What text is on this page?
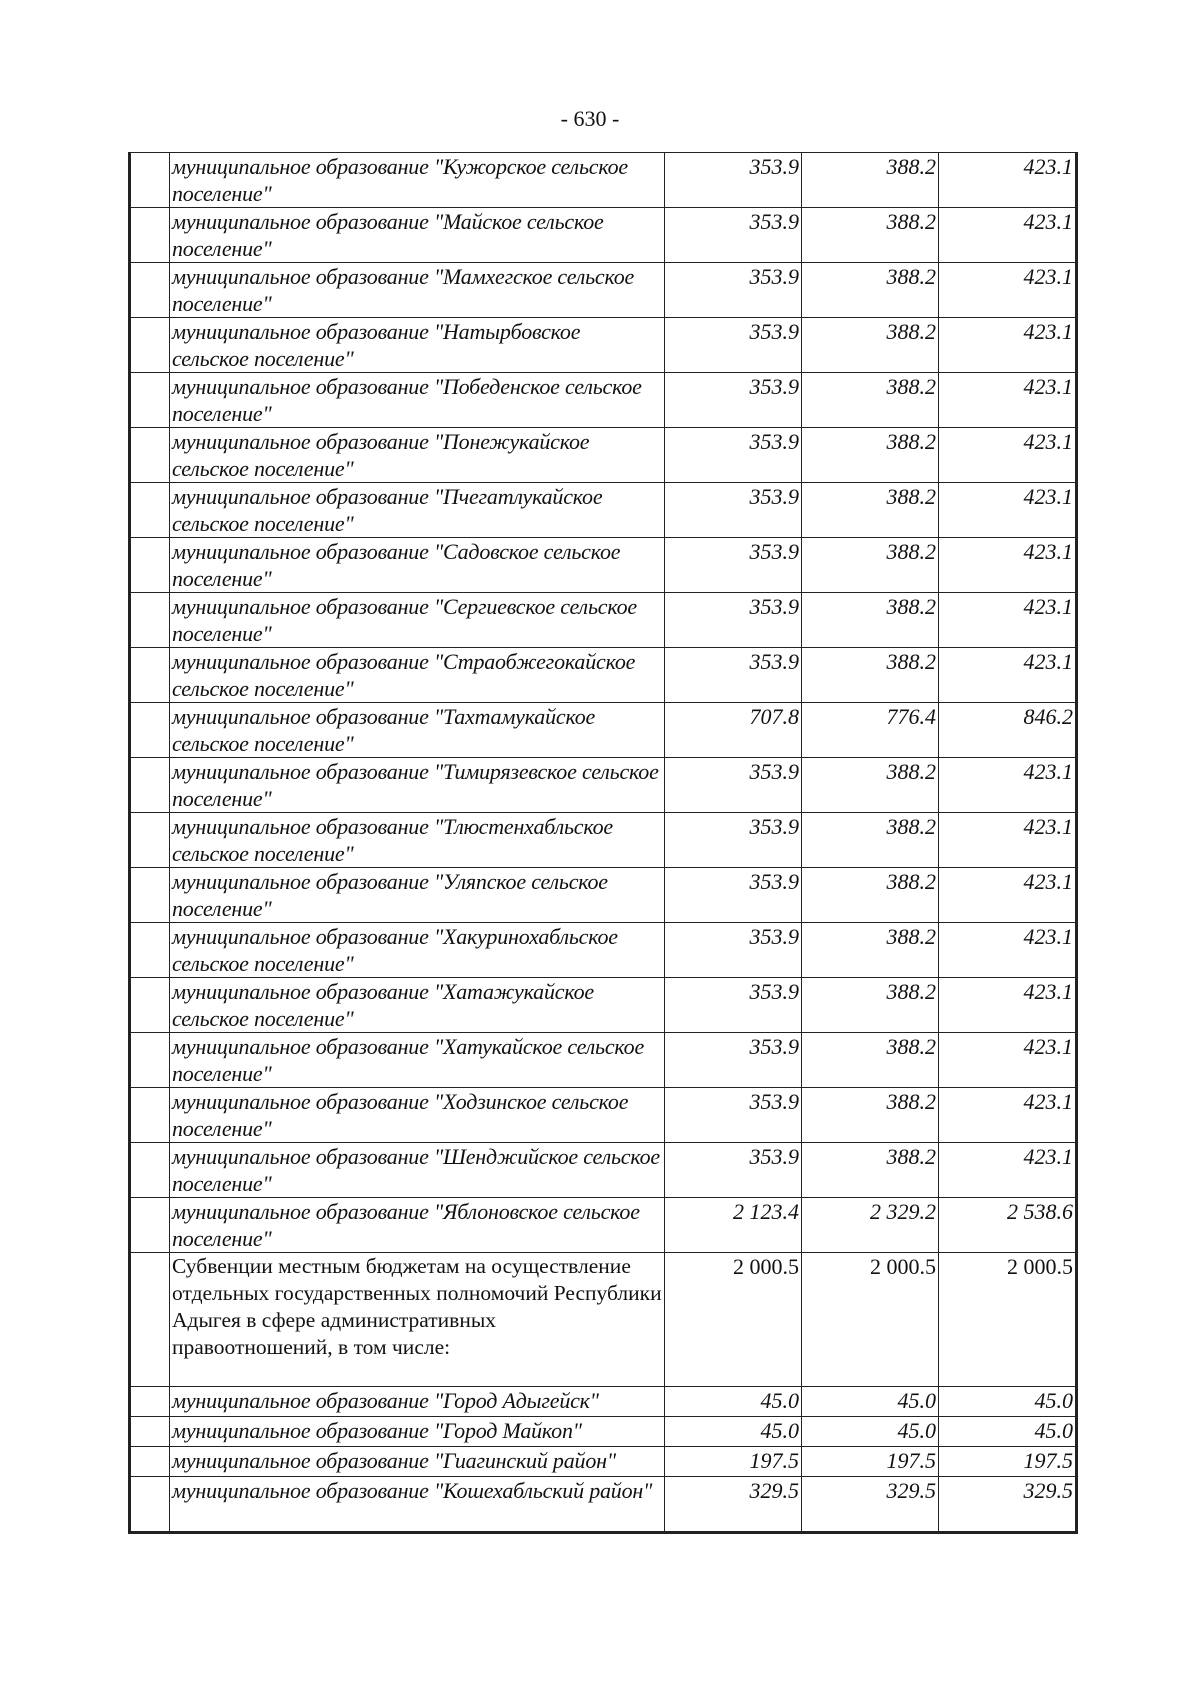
- 630 -
	муниципальное образование "Кужорское сельское поселение"	353.9	388.2	423.1
	муниципальное образование "Майское сельское поселение"	353.9	388.2	423.1
	муниципальное образование "Мамхегское сельское поселение"	353.9	388.2	423.1
	муниципальное образование "Натырбовское сельское поселение"	353.9	388.2	423.1
	муниципальное образование "Победенское сельское поселение"	353.9	388.2	423.1
	муниципальное образование "Понежукайское сельское поселение"	353.9	388.2	423.1
	муниципальное образование "Пчегатлукайское сельское поселение"	353.9	388.2	423.1
	муниципальное образование "Садовское сельское поселение"	353.9	388.2	423.1
	муниципальное образование "Сергиевское сельское поселение"	353.9	388.2	423.1
	муниципальное образование "Страобжегокайское сельское поселение"	353.9	388.2	423.1
	муниципальное образование "Тахтамукайское сельское поселение"	707.8	776.4	846.2
	муниципальное образование "Тимирязевское сельское поселение"	353.9	388.2	423.1
	муниципальное образование "Тлюстенхабльское сельское поселение"	353.9	388.2	423.1
	муниципальное образование "Уляпское сельское поселение"	353.9	388.2	423.1
	муниципальное образование "Хакуринохабльское сельское поселение"	353.9	388.2	423.1
	муниципальное образование "Хатажукайское сельское поселение"	353.9	388.2	423.1
	муниципальное образование "Хатукайское сельское поселение"	353.9	388.2	423.1
	муниципальное образование "Ходзинское сельское поселение"	353.9	388.2	423.1
	муниципальное образование "Шенджийское сельское поселение"	353.9	388.2	423.1
	муниципальное образование "Яблоновское сельское поселение"	2 123.4	2 329.2	2 538.6
	Субвенции местным бюджетам на осуществление отдельных государственных полномочий Республики Адыгея в сфере административных правоотношений, в том числе:	2 000.5	2 000.5	2 000.5
	муниципальное образование "Город Адыгейск"	45.0	45.0	45.0
	муниципальное образование "Город Майкоп"	45.0	45.0	45.0
	муниципальное образование "Гиагинский район"	197.5	197.5	197.5
	муниципальное образование "Кошехабльский район"	329.5	329.5	329.5
